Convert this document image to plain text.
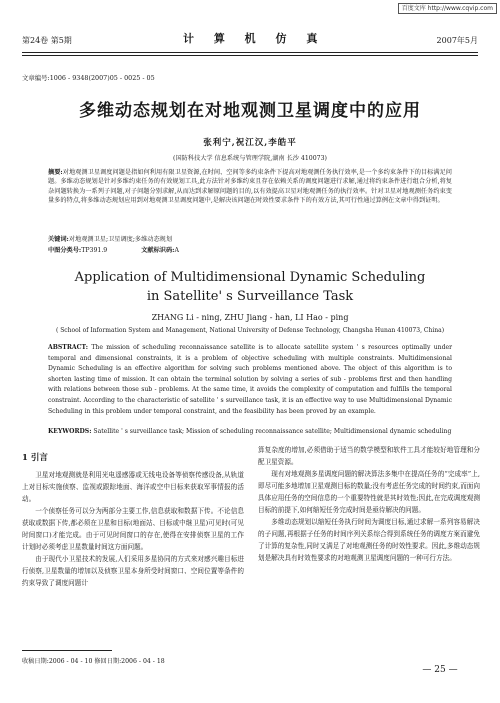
百度文库 http://www.cqvip.com
第24卷 第5期	计 算 机 仿 真	2007年5月
文章编号:1006 - 9348(2007)05 - 0025 - 05
多维动态规划在对地观测卫星调度中的应用
张利宁,祝江汉,李皓平
(国防科技大学 信息系统与管理学院,湖南 长沙 410073)
摘要:对地观测卫星调度问题是指如何利用有限卫星资源,在时间、空间等多约束条件下提高对地观测任务执行效率,是一个多约束条件下的目标满足问题。多维动态规划是针对多维约束任务的有效规划工具,此方法针对多维约束且存在依赖关系的调度问题进行求解,通过将约束条件进行组合分析,将复杂问题转换为一系列子问题,对子问题分别求解,从而达到求解原问题的目的,以有效提高卫星对地观测任务的执行效率。针对卫星对地观测任务约束变量多的特点,将多维动态规划应用到对地观测卫星调度问题中,是解决该问题在时效性要求条件下的有效方法,其可行性通过算例在文章中得到证明。
关键词:对地观测卫星;卫星调度;多维动态规划
中图分类号:TP391.9	文献标识码:A
Application of Multidimensional Dynamic Scheduling
in Satellite' s Surveillance Task
ZHANG Li - ning, ZHU Jiang - han, LI Hao - ping
( School of Information System and Management, National University of Defense Technology, Changsha Hunan 410073, China)
ABSTRACT: The mission of scheduling reconnaissance satellite is to allocate satellite system ' s resources optimally under temporal and dimensional constraints, it is a problem of objective scheduling with multiple constraints. Multidimensional Dynamic Scheduling is an effective algorithm for solving such problems mentioned above. The object of this algorithm is to shorten lasting time of mission. It can obtain the terminal solution by solving a series of sub - problems first and then handling with relations between those sub - problems. At the same time, it avoids the complexity of computation and fulfills the temporal constraint. According to the characteristic of satellite ' s surveillance task, it is an effective way to use Multidimensional Dynamic Scheduling in this problem under temporal constraint, and the feasibility has been proved by an example.
KEYWORDS: Satellite ' s surveillance task; Mission of scheduling reconnaissance satellite; Multidimensional dynamic scheduling
1 引言

卫星对地观测就是利用光电遥感器或无线电设备等侦察传感设备,从轨道上对目标实施侦察、监视或跟踪地面、海洋或空中目标来获取军事情报的活动。

一个侦察任务可以分为两部分主要工作,信息获取和数据下传。不论信息获取或数据下传,都必须在卫星和目标(地面站、目标或中继卫星)可见时(可见时间窗口)才能完成。由于可见时间窗口的存在,使得在安排侦察卫星的工作计划时必须考虑卫星数量时间这方面问题。

由于现代小卫星技术的发展,人们采用多星协同的方式来对感兴趣目标进行侦察,卫星数量的增加以及侦察卫星本身所受时间窗口、空间位置等条件的约束导致了调度问题计

算复杂度的增加,必须借助于适当的数学模型和软件工具才能较好地管理和分配卫星资源。

现有对地观测多星调度问题的解决算法多集中在提高任务的“完成率”上,即尽可能多地增加卫星观测目标的数量;没有考虑任务完成的时间约束,而面向具体应用任务的空间信息的一个重要特性就是其时效性;因此,在完成调度观测目标的前提下,如何缩短任务完成时间是亟待解决的问题。

多维动态规划以缩短任务执行时间为调度目标,通过求解一系列容易解决的子问题,再根据子任务的时间序列关系综合得到系统任务的调度方案而避免了计算的复杂性,同时又满足了对地观测任务的时效性要求。因此,多维动态规划是解决具有时效性要求的对地观测卫星调度问题的一种可行方法。

收稿日期:2006 - 04 - 10 修回日期:2006 - 04 - 18
— 25 —
